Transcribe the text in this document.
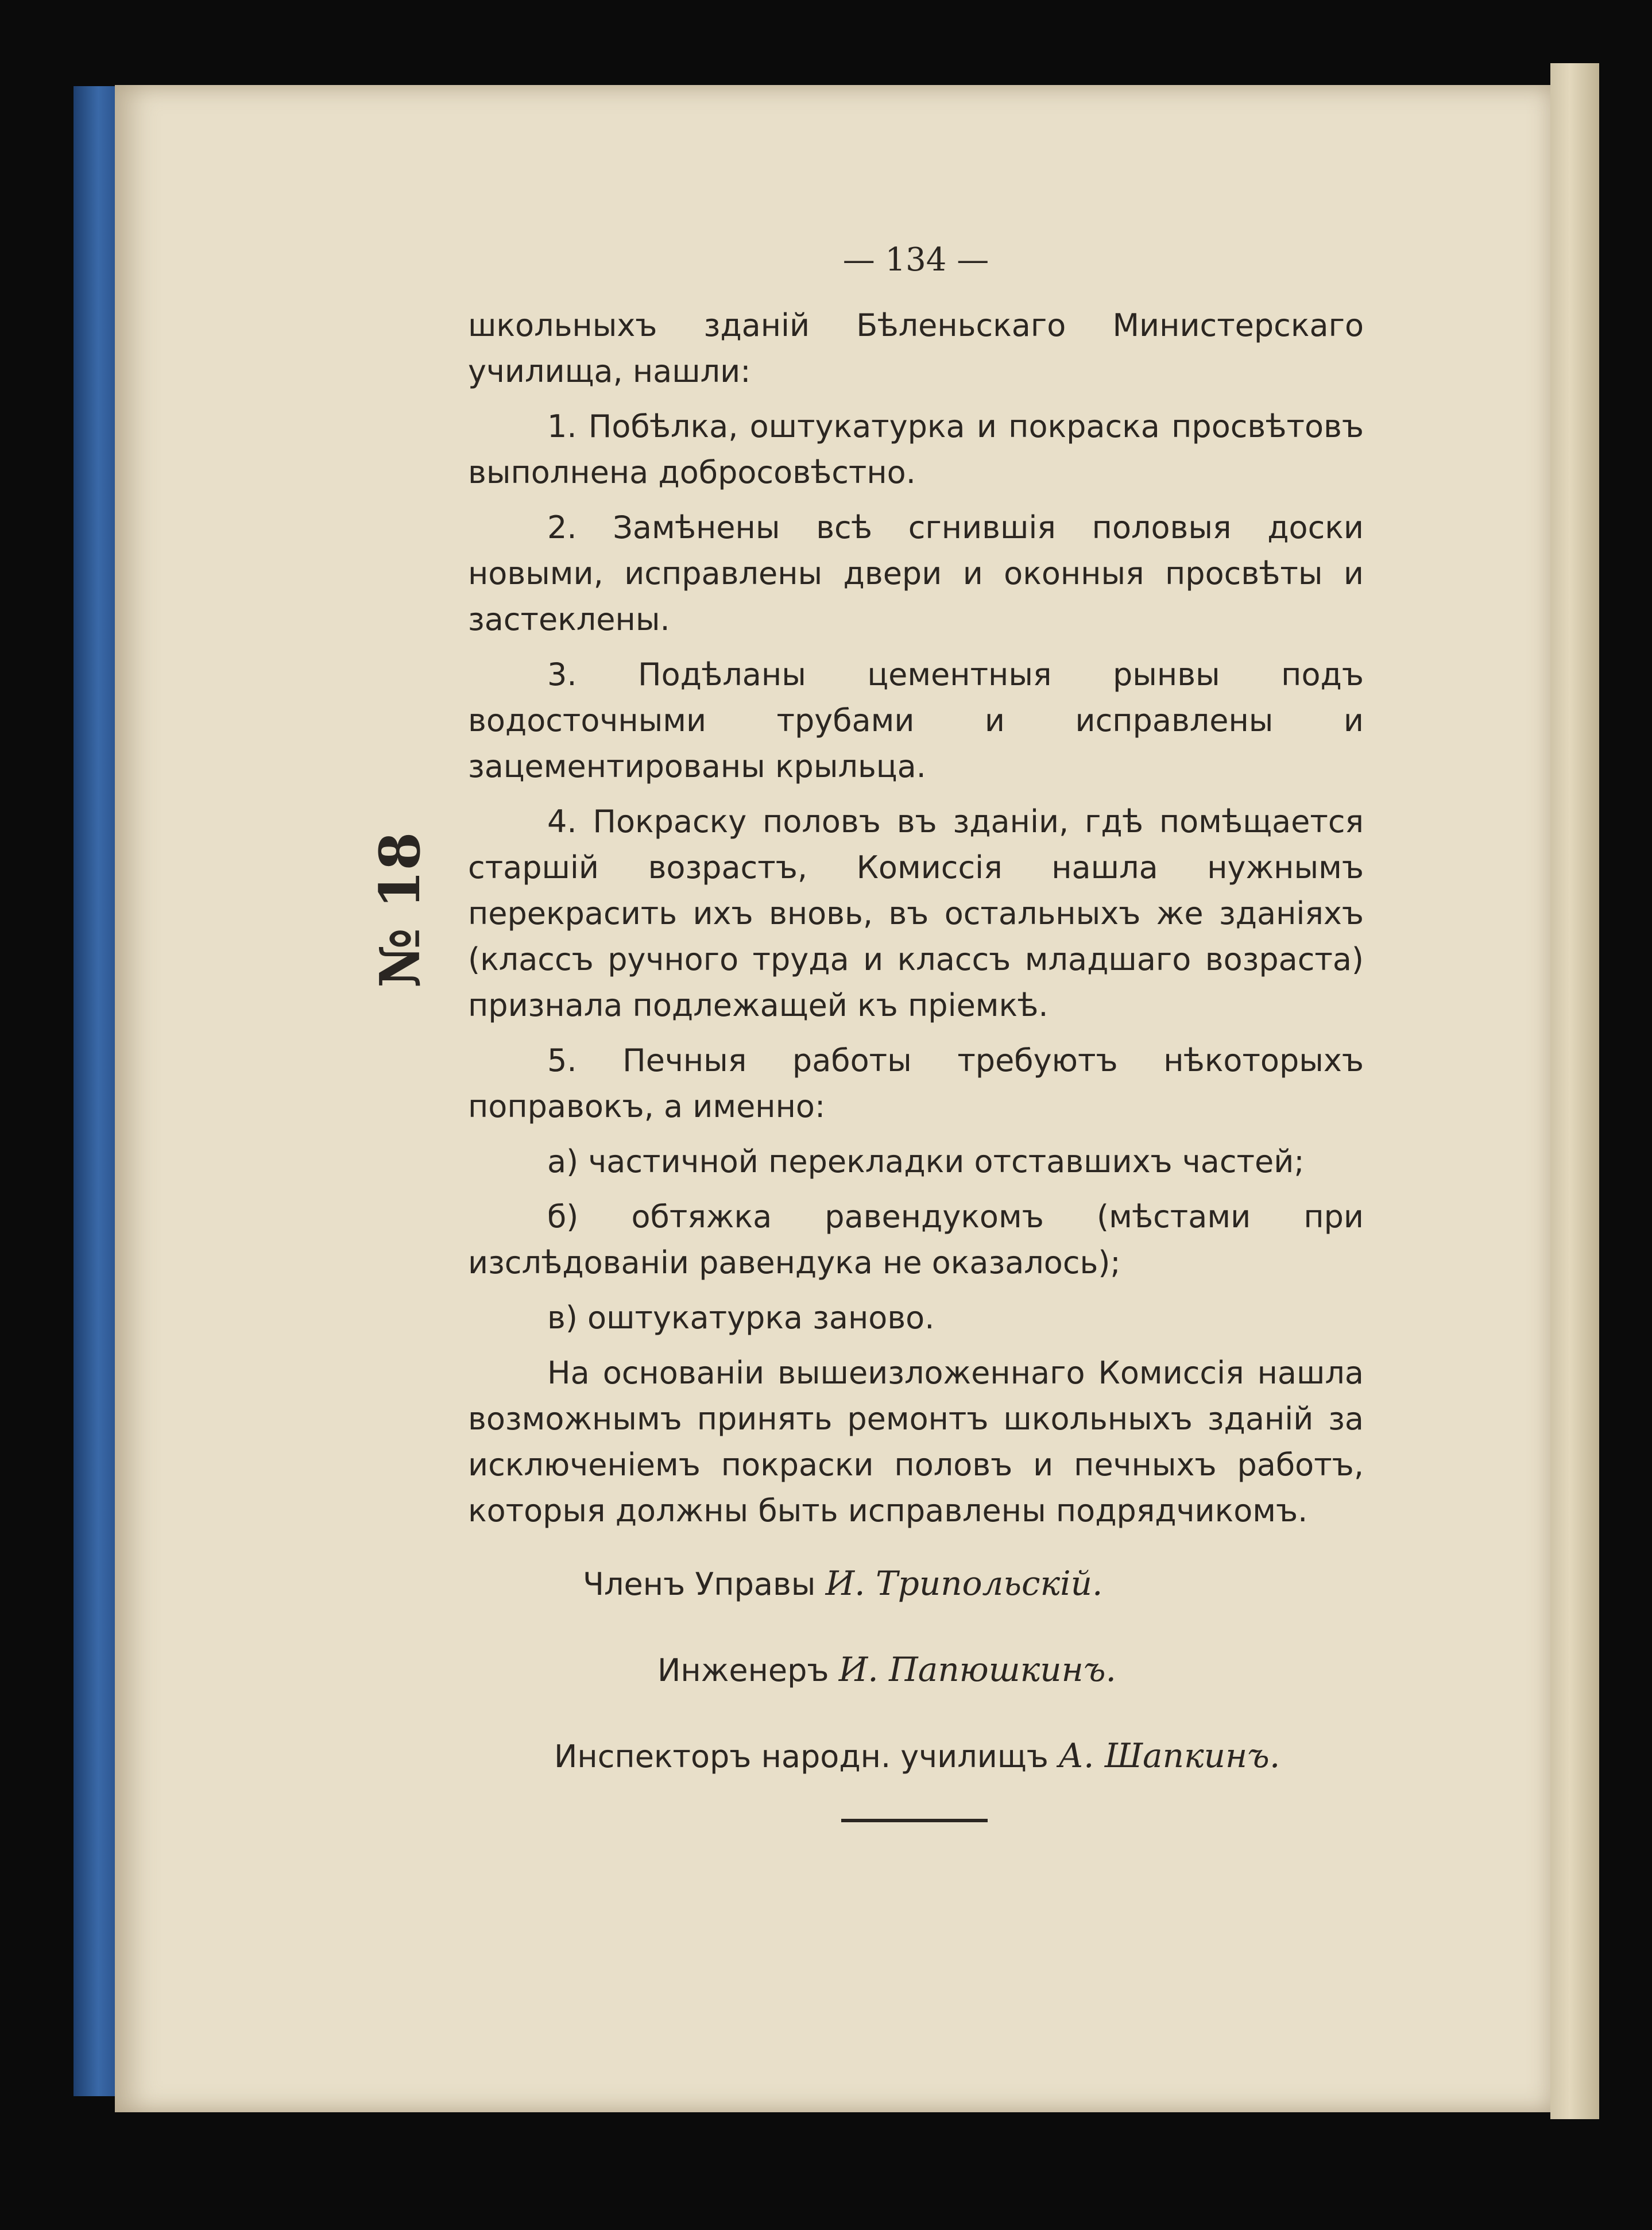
№ 18
— 134 —

школьныхъ зданій Бѣленьскаго Министерскаго училища, нашли:

1. Побѣлка, оштукатурка и покраска просвѣтовъ выполнена добросовѣстно.

2. Замѣнены всѣ сгнившія половыя доски новыми, исправлены двери и оконныя просвѣты и застеклены.

3. Подѣланы цементныя рынвы подъ водосточными трубами и исправлены и зацементированы крыльца.

4. Покраску половъ въ зданіи, гдѣ помѣщается старшій возрастъ, Комиссія нашла нужнымъ перекрасить ихъ вновь, въ остальныхъ же зданіяхъ (классъ ручного труда и классъ младшаго возраста) признала подлежащей къ пріемкѣ.

5. Печныя работы требуютъ нѣкоторыхъ поправокъ, а именно:

а) частичной перекладки отставшихъ частей;

б) обтяжка равендукомъ (мѣстами при изслѣдованіи равендука не оказалось);

в) оштукатурка заново.

На основаніи вышеизложеннаго Комиссія нашла возможнымъ принять ремонтъ школьныхъ зданій за исключеніемъ покраски половъ и печныхъ работъ, которыя должны быть исправлены подрядчикомъ.

Членъ Управы И. Трипольскій.
Инженеръ И. Папюшкинъ.
Инспекторъ народн. училищъ А. Шапкинъ.
